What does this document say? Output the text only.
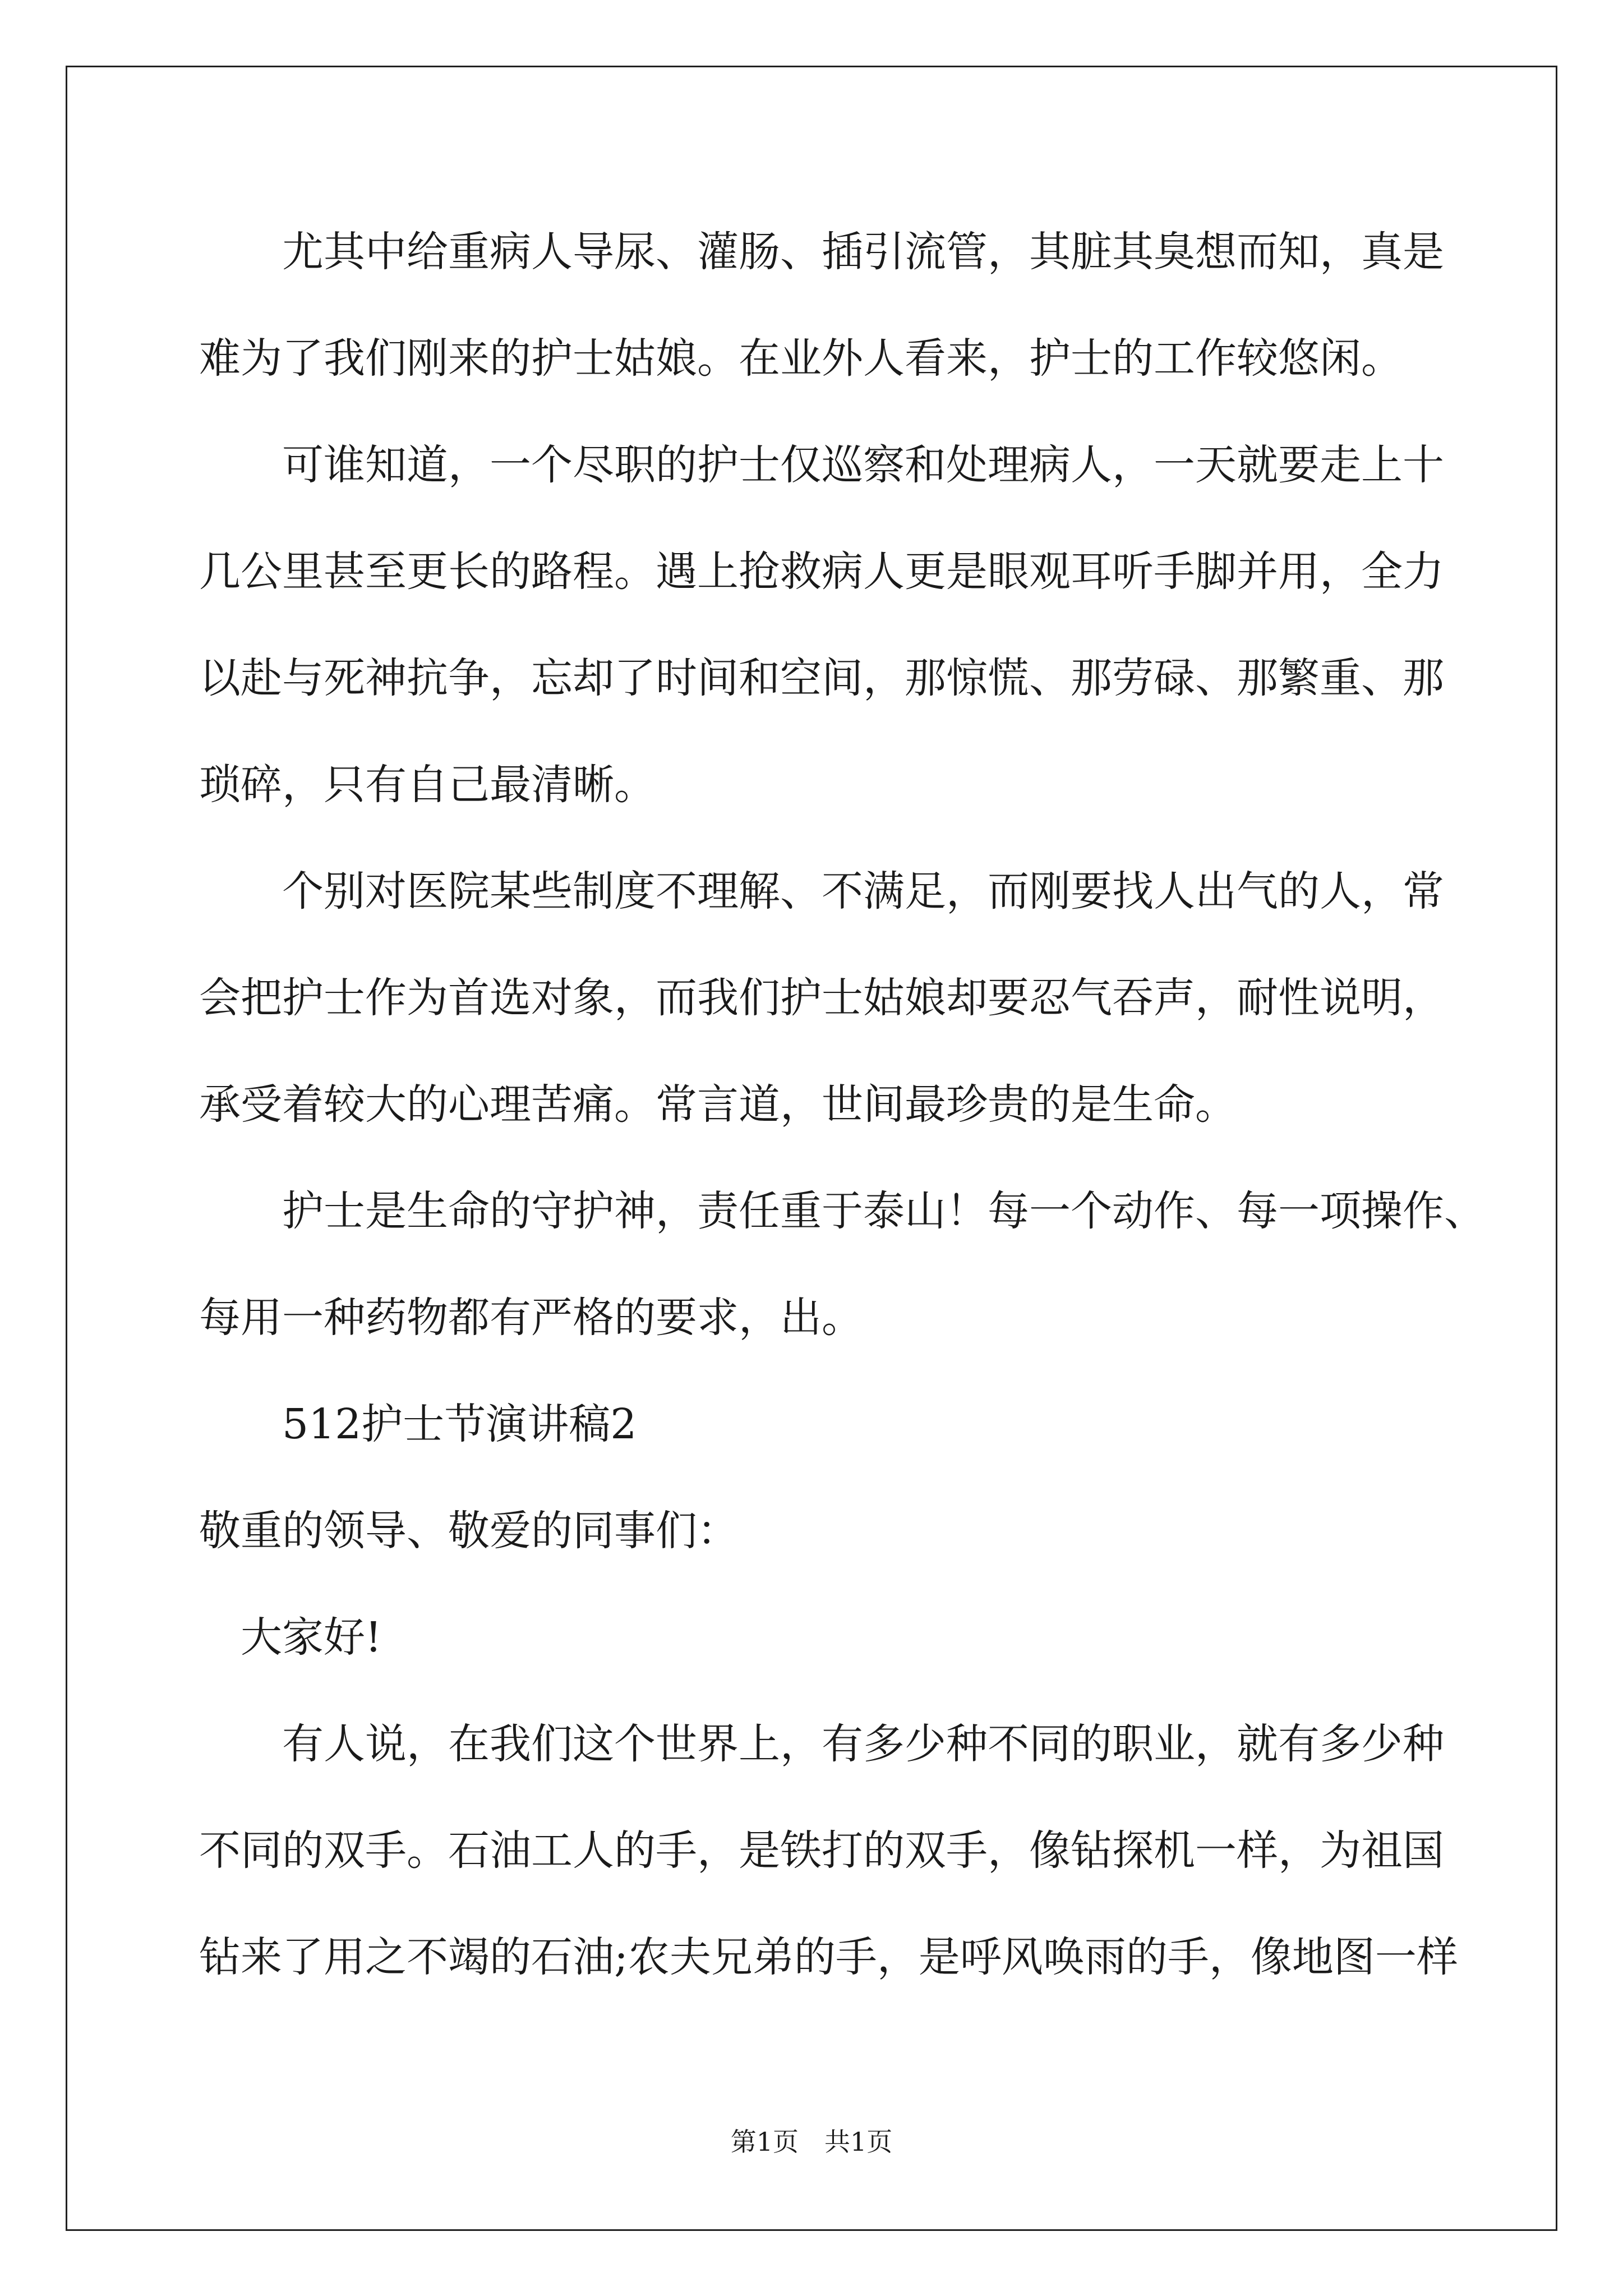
　　尤其中给重病人导尿、灌肠、插引流管，其脏其臭想而知，真是
难为了我们刚来的护士姑娘。在业外人看来，护士的工作较悠闲。
　　可谁知道，一个尽职的护士仅巡察和处理病人，一天就要走上十
几公里甚至更长的路程。遇上抢救病人更是眼观耳听手脚并用，全力
以赴与死神抗争，忘却了时间和空间，那惊慌、那劳碌、那繁重、那
琐碎，只有自己最清晰。
　　个别对医院某些制度不理解、不满足，而刚要找人出气的人，常
会把护士作为首选对象，而我们护士姑娘却要忍气吞声，耐性说明，
承受着较大的心理苦痛。常言道，世间最珍贵的是生命。
　　护士是生命的守护神，责任重于泰山！每一个动作、每一项操作、
每用一种药物都有严格的要求，出。
　　512护士节演讲稿2
敬重的领导、敬爱的同事们：
　大家好!
　　有人说，在我们这个世界上，有多少种不同的职业，就有多少种
不同的双手。石油工人的手，是铁打的双手，像钻探机一样，为祖国
钻来了用之不竭的石油;农夫兄弟的手，是呼风唤雨的手，像地图一样
第1页　共1页
